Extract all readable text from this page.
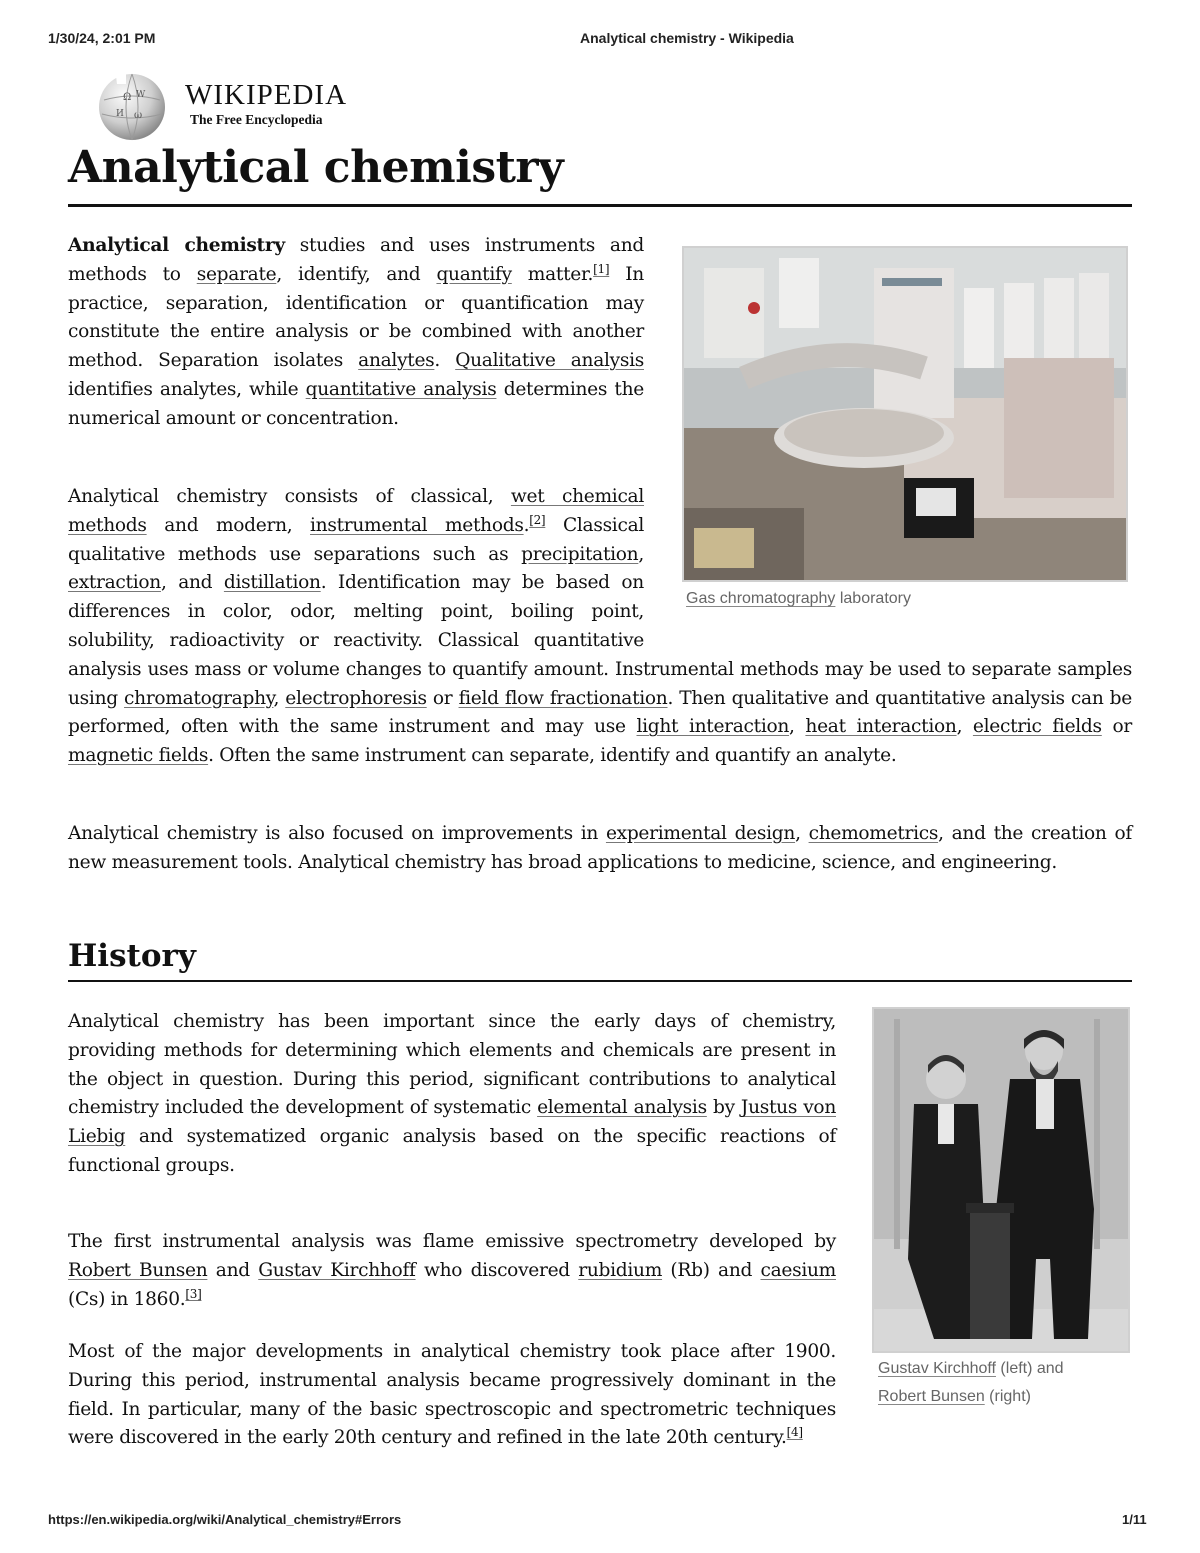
1/30/24, 2:01 PM	Analytical chemistry - Wikipedia
Ω W
И ω
WIKIPEDIA
The Free Encyclopedia
Analytical chemistry
Analytical chemistry studies and uses instruments and methods to separate, identify, and quantify matter.[1] In practice, separation, identification or quantification may constitute the entire analysis or be combined with another method. Separation isolates analytes. Qualitative analysis identifies analytes, while quantitative analysis determines the numerical amount or concentration.
Gas chromatography laboratory
Analytical chemistry consists of classical, wet chemical methods and modern, instrumental methods.[2] Classical qualitative methods use separations such as precipitation, extraction, and distillation. Identification may be based on differences in color, odor, melting point, boiling point, solubility, radioactivity or reactivity. Classical quantitative analysis uses mass or volume changes to quantify amount. Instrumental methods may be used to separate samples using chromatography, electrophoresis or field flow fractionation. Then qualitative and quantitative analysis can be performed, often with the same instrument and may use light interaction, heat interaction, electric fields or magnetic fields. Often the same instrument can separate, identify and quantify an analyte.
Analytical chemistry is also focused on improvements in experimental design, chemometrics, and the creation of new measurement tools. Analytical chemistry has broad applications to medicine, science, and engineering.
History
Analytical chemistry has been important since the early days of chemistry, providing methods for determining which elements and chemicals are present in the object in question. During this period, significant contributions to analytical chemistry included the development of systematic elemental analysis by Justus von Liebig and systematized organic analysis based on the specific reactions of functional groups.
The first instrumental analysis was flame emissive spectrometry developed by Robert Bunsen and Gustav Kirchhoff who discovered rubidium (Rb) and caesium (Cs) in 1860.[3]
Most of the major developments in analytical chemistry took place after 1900. During this period, instrumental analysis became progressively dominant in the field. In particular, many of the basic spectroscopic and spectrometric techniques were discovered in the early 20th century and refined in the late 20th century.[4]
Gustav Kirchhoff (left) and
Robert Bunsen (right)
https://en.wikipedia.org/wiki/Analytical_chemistry#Errors	1/11
